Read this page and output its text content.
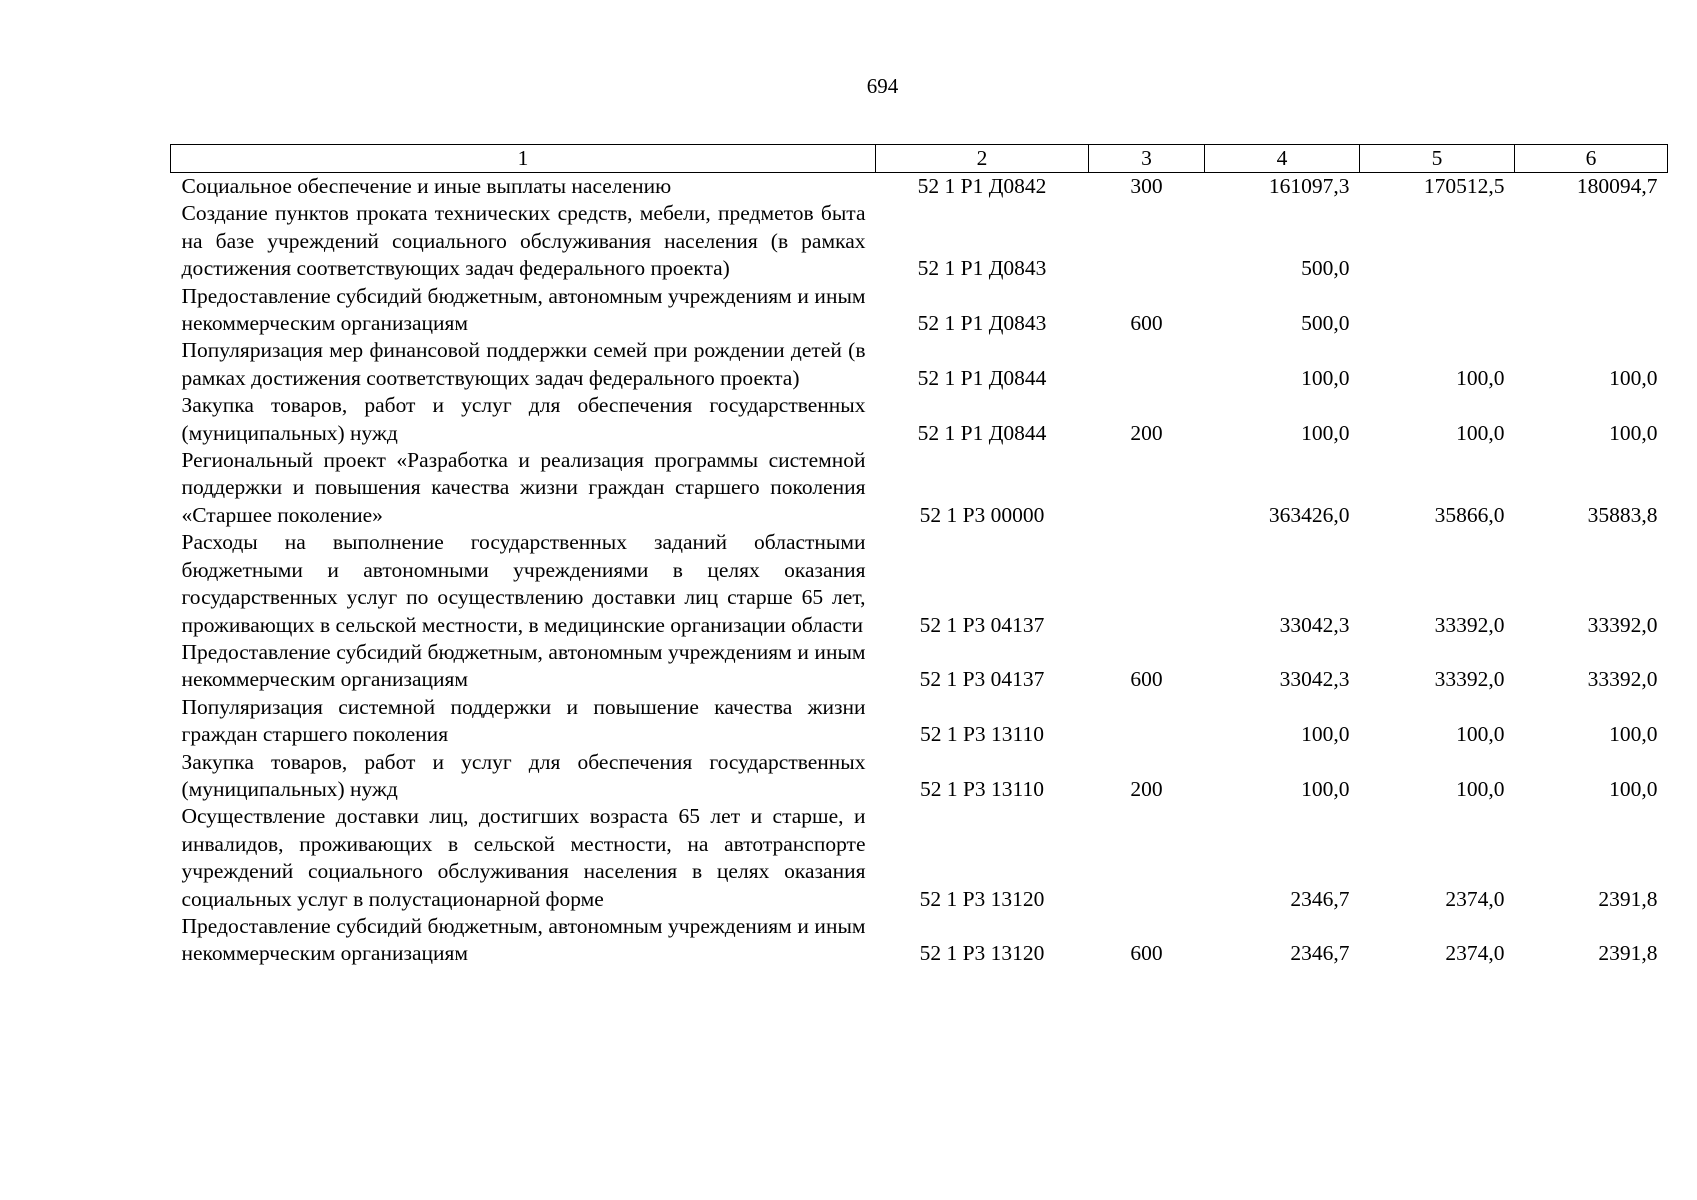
694
1	2	3	4	5	6
Социальное обеспечение и иные выплаты населению	52 1 Р1 Д0842	300	161097,3	170512,5	180094,7
Создание пунктов проката технических средств, мебели, предметов быта на базе учреждений социального обслуживания населения (в рамках достижения соответствующих задач федерального проекта)	52 1 Р1 Д0843		500,0		
Предоставление субсидий бюджетным, автономным учреждениям и иным некоммерческим организациям	52 1 Р1 Д0843	600	500,0		
Популяризация мер финансовой поддержки семей при рождении детей (в рамках достижения соответствующих задач федерального проекта)	52 1 Р1 Д0844		100,0	100,0	100,0
Закупка товаров, работ и услуг для обеспечения государственных (муниципальных) нужд	52 1 Р1 Д0844	200	100,0	100,0	100,0
Региональный проект «Разработка и реализация программы системной поддержки и повышения качества жизни граждан старшего поколения «Старшее поколение»	52 1 Р3 00000		363426,0	35866,0	35883,8
Расходы на выполнение государственных заданий областными бюджетными и автономными учреждениями в целях оказания государственных услуг по осуществлению доставки лиц старше 65 лет, проживающих в сельской местности, в медицинские организации области	52 1 Р3 04137		33042,3	33392,0	33392,0
Предоставление субсидий бюджетным, автономным учреждениям и иным некоммерческим организациям	52 1 Р3 04137	600	33042,3	33392,0	33392,0
Популяризация системной поддержки и повышение качества жизни граждан старшего поколения	52 1 Р3 13110		100,0	100,0	100,0
Закупка товаров, работ и услуг для обеспечения государственных (муниципальных) нужд	52 1 Р3 13110	200	100,0	100,0	100,0
Осуществление доставки лиц, достигших возраста 65 лет и старше, и инвалидов, проживающих в сельской местности, на автотранспорте учреждений социального обслуживания населения в целях оказания социальных услуг в полустационарной форме	52 1 Р3 13120		2346,7	2374,0	2391,8
Предоставление субсидий бюджетным, автономным учреждениям и иным некоммерческим организациям	52 1 Р3 13120	600	2346,7	2374,0	2391,8
